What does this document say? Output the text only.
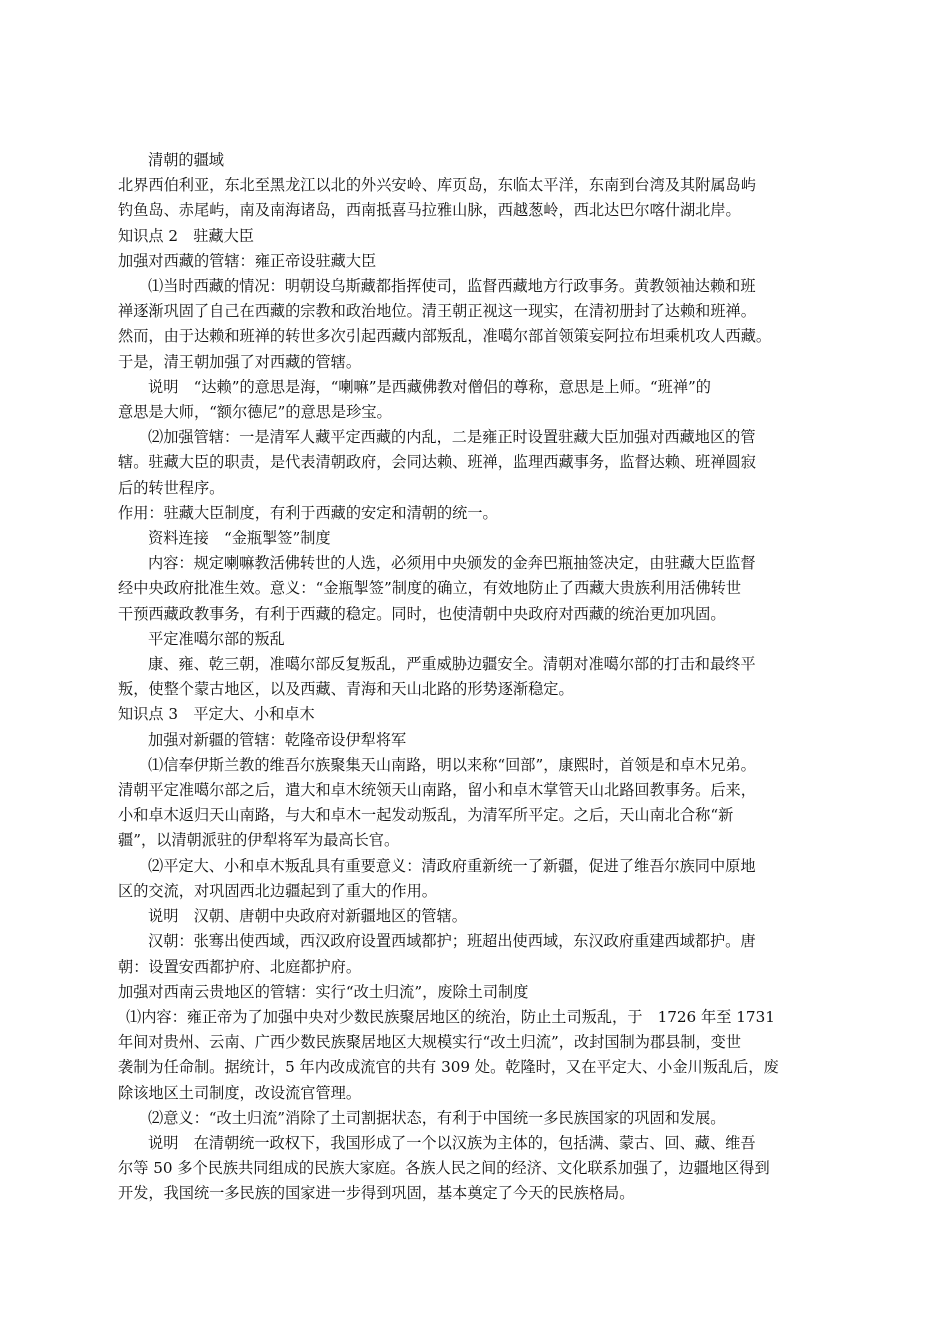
清朝的疆域
北界西伯利亚，东北至黑龙江以北的外兴安岭、库页岛，东临太平洋，东南到台湾及其附属岛屿
钓鱼岛、赤尾屿，南及南海诸岛，西南抵喜马拉雅山脉，西越葱岭，西北达巴尔喀什湖北岸。
知识点 2　驻藏大臣
加强对西藏的管辖：雍正帝设驻藏大臣
⑴当时西藏的情况：明朝设乌斯藏都指挥使司，监督西藏地方行政事务。黄教领袖达赖和班
禅逐渐巩固了自己在西藏的宗教和政治地位。清王朝正视这一现实，在清初册封了达赖和班禅。
然而，由于达赖和班禅的转世多次引起西藏内部叛乱，准噶尔部首领策妄阿拉布坦乘机攻人西藏。
于是，清王朝加强了对西藏的管辖。
说明　“达赖”的意思是海，“喇嘛”是西藏佛教对僧侣的尊称，意思是上师。“班禅”的
意思是大师，“额尔德尼”的意思是珍宝。
⑵加强管辖：一是清军人藏平定西藏的内乱，二是雍正时设置驻藏大臣加强对西藏地区的管
辖。驻藏大臣的职责，是代表清朝政府，会同达赖、班禅，监理西藏事务，监督达赖、班禅圆寂
后的转世程序。
作用：驻藏大臣制度，有利于西藏的安定和清朝的统一。
资料连接　“金瓶掣签”制度
内容：规定喇嘛教活佛转世的人选，必须用中央颁发的金奔巴瓶抽签决定，由驻藏大臣监督
经中央政府批准生效。意义：“金瓶掣签”制度的确立，有效地防止了西藏大贵族利用活佛转世
干预西藏政教事务，有利于西藏的稳定。同时，也使清朝中央政府对西藏的统治更加巩固。
平定准噶尔部的叛乱
康、雍、乾三朝，准噶尔部反复叛乱，严重威胁边疆安全。清朝对准噶尔部的打击和最终平
叛，使整个蒙古地区，以及西藏、青海和天山北路的形势逐渐稳定。
知识点 3　平定大、小和卓木
加强对新疆的管辖：乾隆帝设伊犁将军
⑴信奉伊斯兰教的维吾尔族聚集天山南路，明以来称“回部”，康熙时，首领是和卓木兄弟。
清朝平定准噶尔部之后，遣大和卓木统领天山南路，留小和卓木掌管天山北路回教事务。后来，
小和卓木返归天山南路，与大和卓木一起发动叛乱，为清军所平定。之后，天山南北合称“新
疆”，以清朝派驻的伊犁将军为最高长官。
⑵平定大、小和卓木叛乱具有重要意义：清政府重新统一了新疆，促进了维吾尔族同中原地
区的交流，对巩固西北边疆起到了重大的作用。
说明　汉朝、唐朝中央政府对新疆地区的管辖。
汉朝：张骞出使西域，西汉政府设置西域都护；班超出使西域，东汉政府重建西域都护。唐
朝：设置安西都护府、北庭都护府。
加强对西南云贵地区的管辖：实行“改土归流”，废除土司制度
⑴内容：雍正帝为了加强中央对少数民族聚居地区的统治，防止土司叛乱，于　1726 年至 1731
年间对贵州、云南、广西少数民族聚居地区大规模实行“改土归流”，改封国制为郡县制，变世
袭制为任命制。据统计，5 年内改成流官的共有 309 处。乾隆时，又在平定大、小金川叛乱后，废
除该地区土司制度，改设流官管理。
⑵意义：“改土归流”消除了土司割据状态，有利于中国统一多民族国家的巩固和发展。
说明　在清朝统一政权下，我国形成了一个以汉族为主体的，包括满、蒙古、回、藏、维吾
尔等 50 多个民族共同组成的民族大家庭。各族人民之间的经济、文化联系加强了，边疆地区得到
开发，我国统一多民族的国家进一步得到巩固，基本奠定了今天的民族格局。
